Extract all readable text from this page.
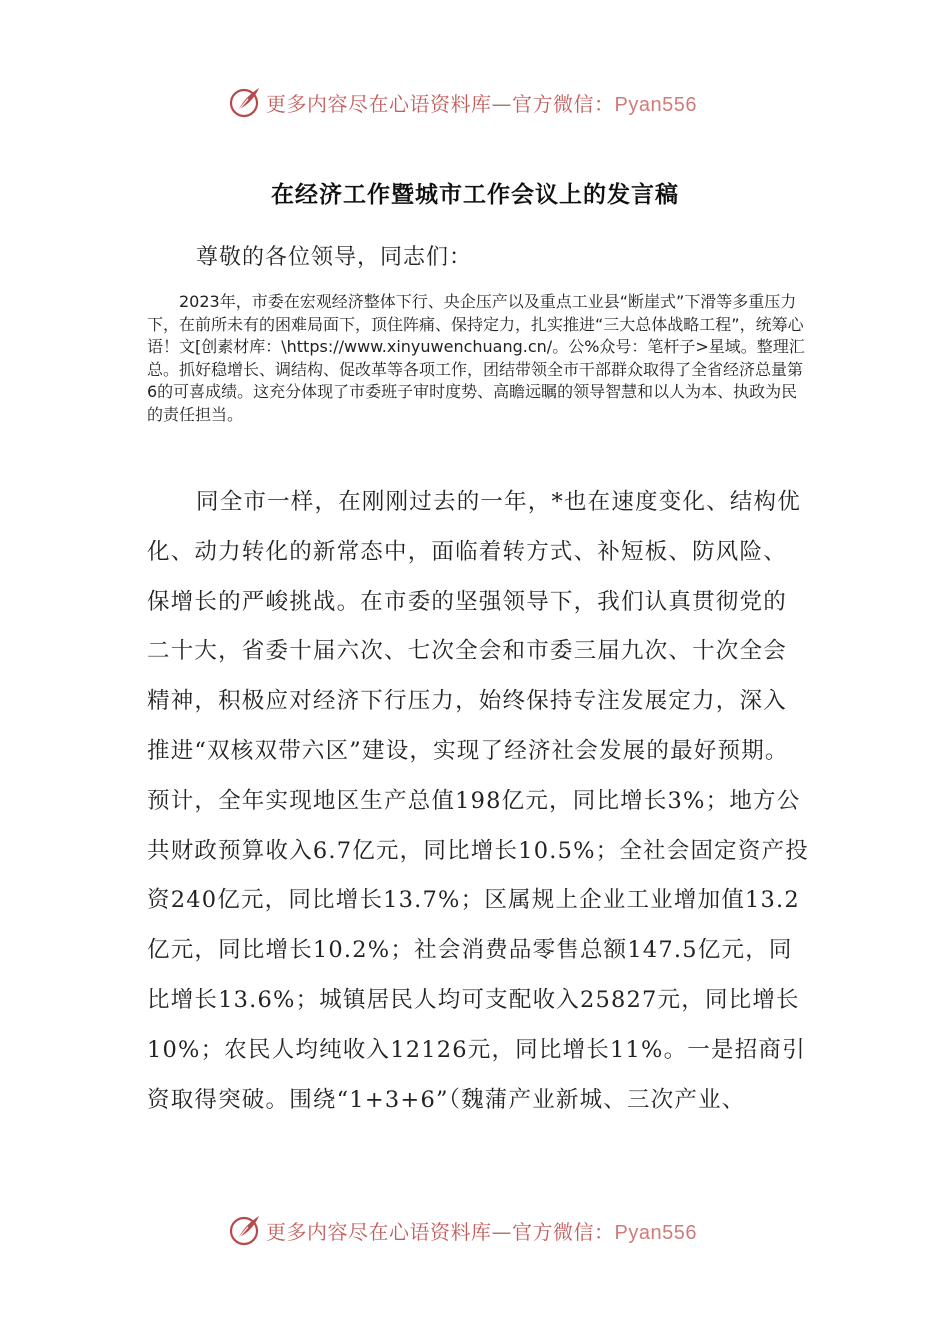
更多内容尽在心语资料库—官方微信：Pyan556
在经济工作暨城市工作会议上的发言稿
尊敬的各位领导，同志们：

2023年，市委在宏观经济整体下行、央企压产以及重点工业县“断崖式”下滑等多重压力下，在前所未有的困难局面下，顶住阵痛、保持定力，扎实推进“三大总体战略工程”，统筹心语！文[创素材库：\https://www.xinyuwenchuang.cn/。公%众号：笔杆子>星域。整理汇总。抓好稳增长、调结构、促改革等各项工作，团结带领全市干部群众取得了全省经济总量第6的可喜成绩。这充分体现了市委班子审时度势、高瞻远瞩的领导智慧和以人为本、执政为民的责任担当。

同全市一样，在刚刚过去的一年，*也在速度变化、结构优化、动力转化的新常态中，面临着转方式、补短板、防风险、保增长的严峻挑战。在市委的坚强领导下，我们认真贯彻党的二十大，省委十届六次、七次全会和市委三届九次、十次全会精神，积极应对经济下行压力，始终保持专注发展定力，深入推进“双核双带六区”建设，实现了经济社会发展的最好预期。预计，全年实现地区生产总值198亿元，同比增长3%；地方公共财政预算收入6.7亿元，同比增长10.5%；全社会固定资产投资240亿元，同比增长13.7%；区属规上企业工业增加值13.2亿元，同比增长10.2%；社会消费品零售总额147.5亿元，同比增长13.6%；城镇居民人均可支配收入25827元，同比增长10%；农民人均纯收入12126元，同比增长11%。一是招商引资取得突破。围绕“1+3+6”（魏蒲产业新城、三次产业、

更多内容尽在心语资料库—官方微信：Pyan556
